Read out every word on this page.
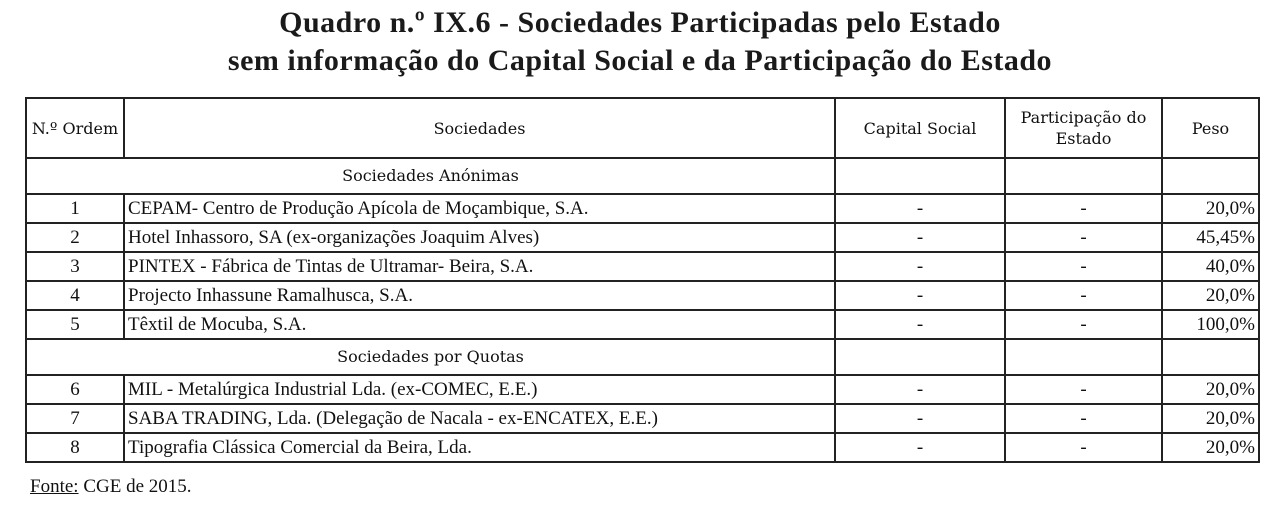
Quadro n.º IX.6 - Sociedades Participadas pelo Estado
sem informação do Capital Social e da Participação do Estado
N.º Ordem	Sociedades	Capital Social	Participação do Estado	Peso
Sociedades Anónimas				
1	CEPAM- Centro de Produção Apícola de Moçambique, S.A.	-	-	20,0%
2	Hotel Inhassoro, SA (ex-organizações Joaquim Alves)	-	-	45,45%
3	PINTEX - Fábrica de Tintas de Ultramar- Beira, S.A.	-	-	40,0%
4	Projecto Inhassune Ramalhusca, S.A.	-	-	20,0%
5	Têxtil de Mocuba, S.A.	-	-	100,0%
Sociedades por Quotas				
6	MIL - Metalúrgica Industrial Lda. (ex-COMEC, E.E.)	-	-	20,0%
7	SABA TRADING, Lda. (Delegação de Nacala - ex-ENCATEX, E.E.)	-	-	20,0%
8	Tipografia Clássica Comercial da Beira, Lda.	-	-	20,0%
Fonte: CGE de 2015.
